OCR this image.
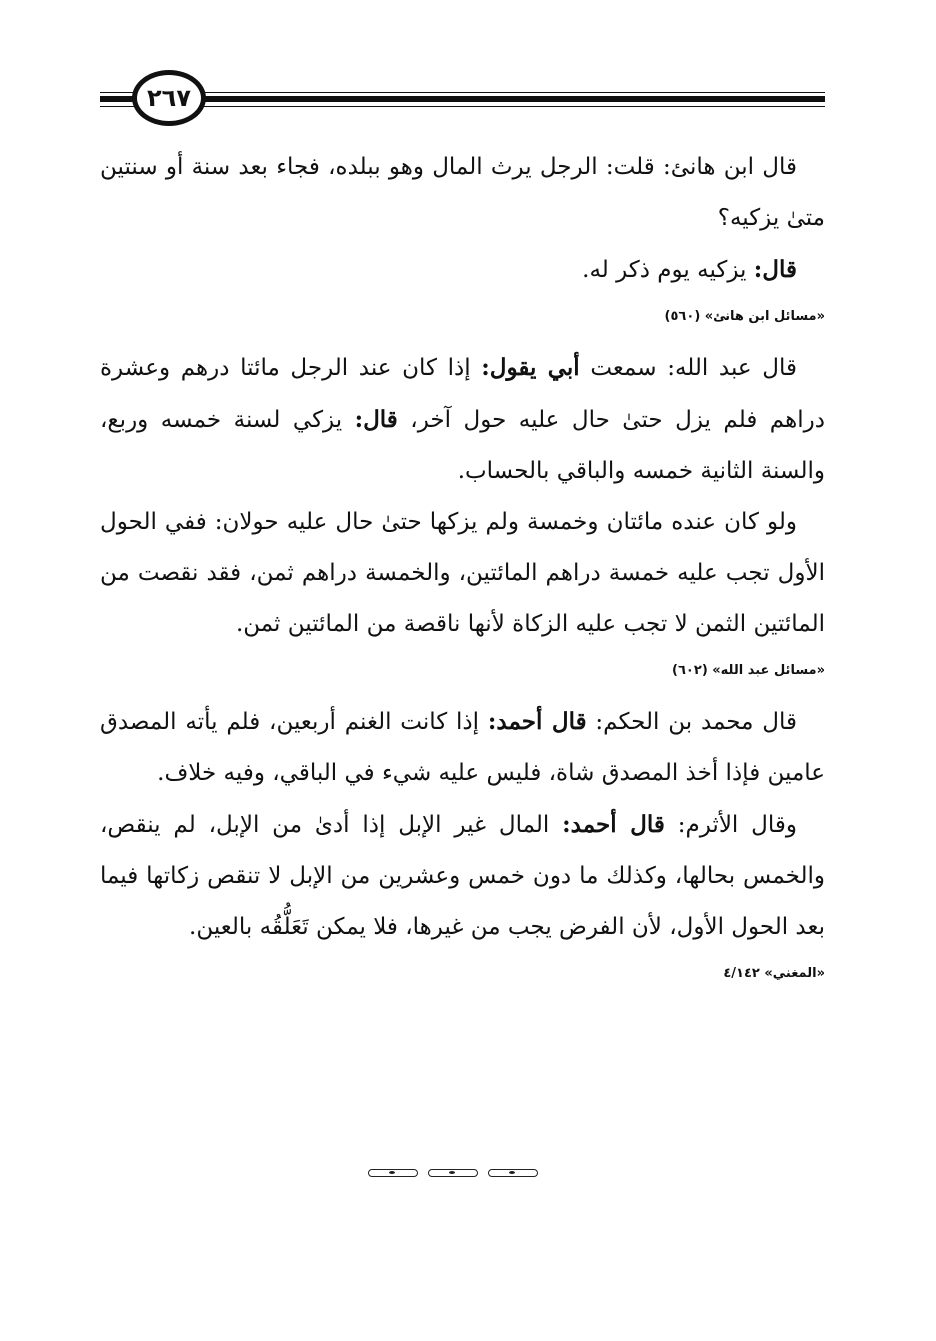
٢٦٧

قال ابن هانئ: قلت: الرجل يرث المال وهو ببلده، فجاء بعد سنة أو سنتين متىٰ يزكيه؟

قال: يزكيه يوم ذكر له.

«مسائل ابن هانئ» (٥٦٠)

قال عبد الله: سمعت أبي يقول: إذا كان عند الرجل مائتا درهم وعشرة دراهم فلم يزل حتىٰ حال عليه حول آخر، قال: يزكي لسنة خمسه وربع، والسنة الثانية خمسه والباقي بالحساب.

ولو كان عنده مائتان وخمسة ولم يزكها حتىٰ حال عليه حولان: ففي الحول الأول تجب عليه خمسة دراهم المائتين، والخمسة دراهم ثمن، فقد نقصت من المائتين الثمن لا تجب عليه الزكاة لأنها ناقصة من المائتين ثمن.

«مسائل عبد الله» (٦٠٢)

قال محمد بن الحكم: قال أحمد: إذا كانت الغنم أربعين، فلم يأته المصدق عامين فإذا أخذ المصدق شاة، فليس عليه شيء في الباقي، وفيه خلاف.

وقال الأثرم: قال أحمد: المال غير الإبل إذا أدىٰ من الإبل، لم ينقص، والخمس بحالها، وكذلك ما دون خمس وعشرين من الإبل لا تنقص زكاتها فيما بعد الحول الأول، لأن الفرض يجب من غيرها، فلا يمكن تَعَلُّقُه بالعين.

«المغني» ٤/١٤٢
